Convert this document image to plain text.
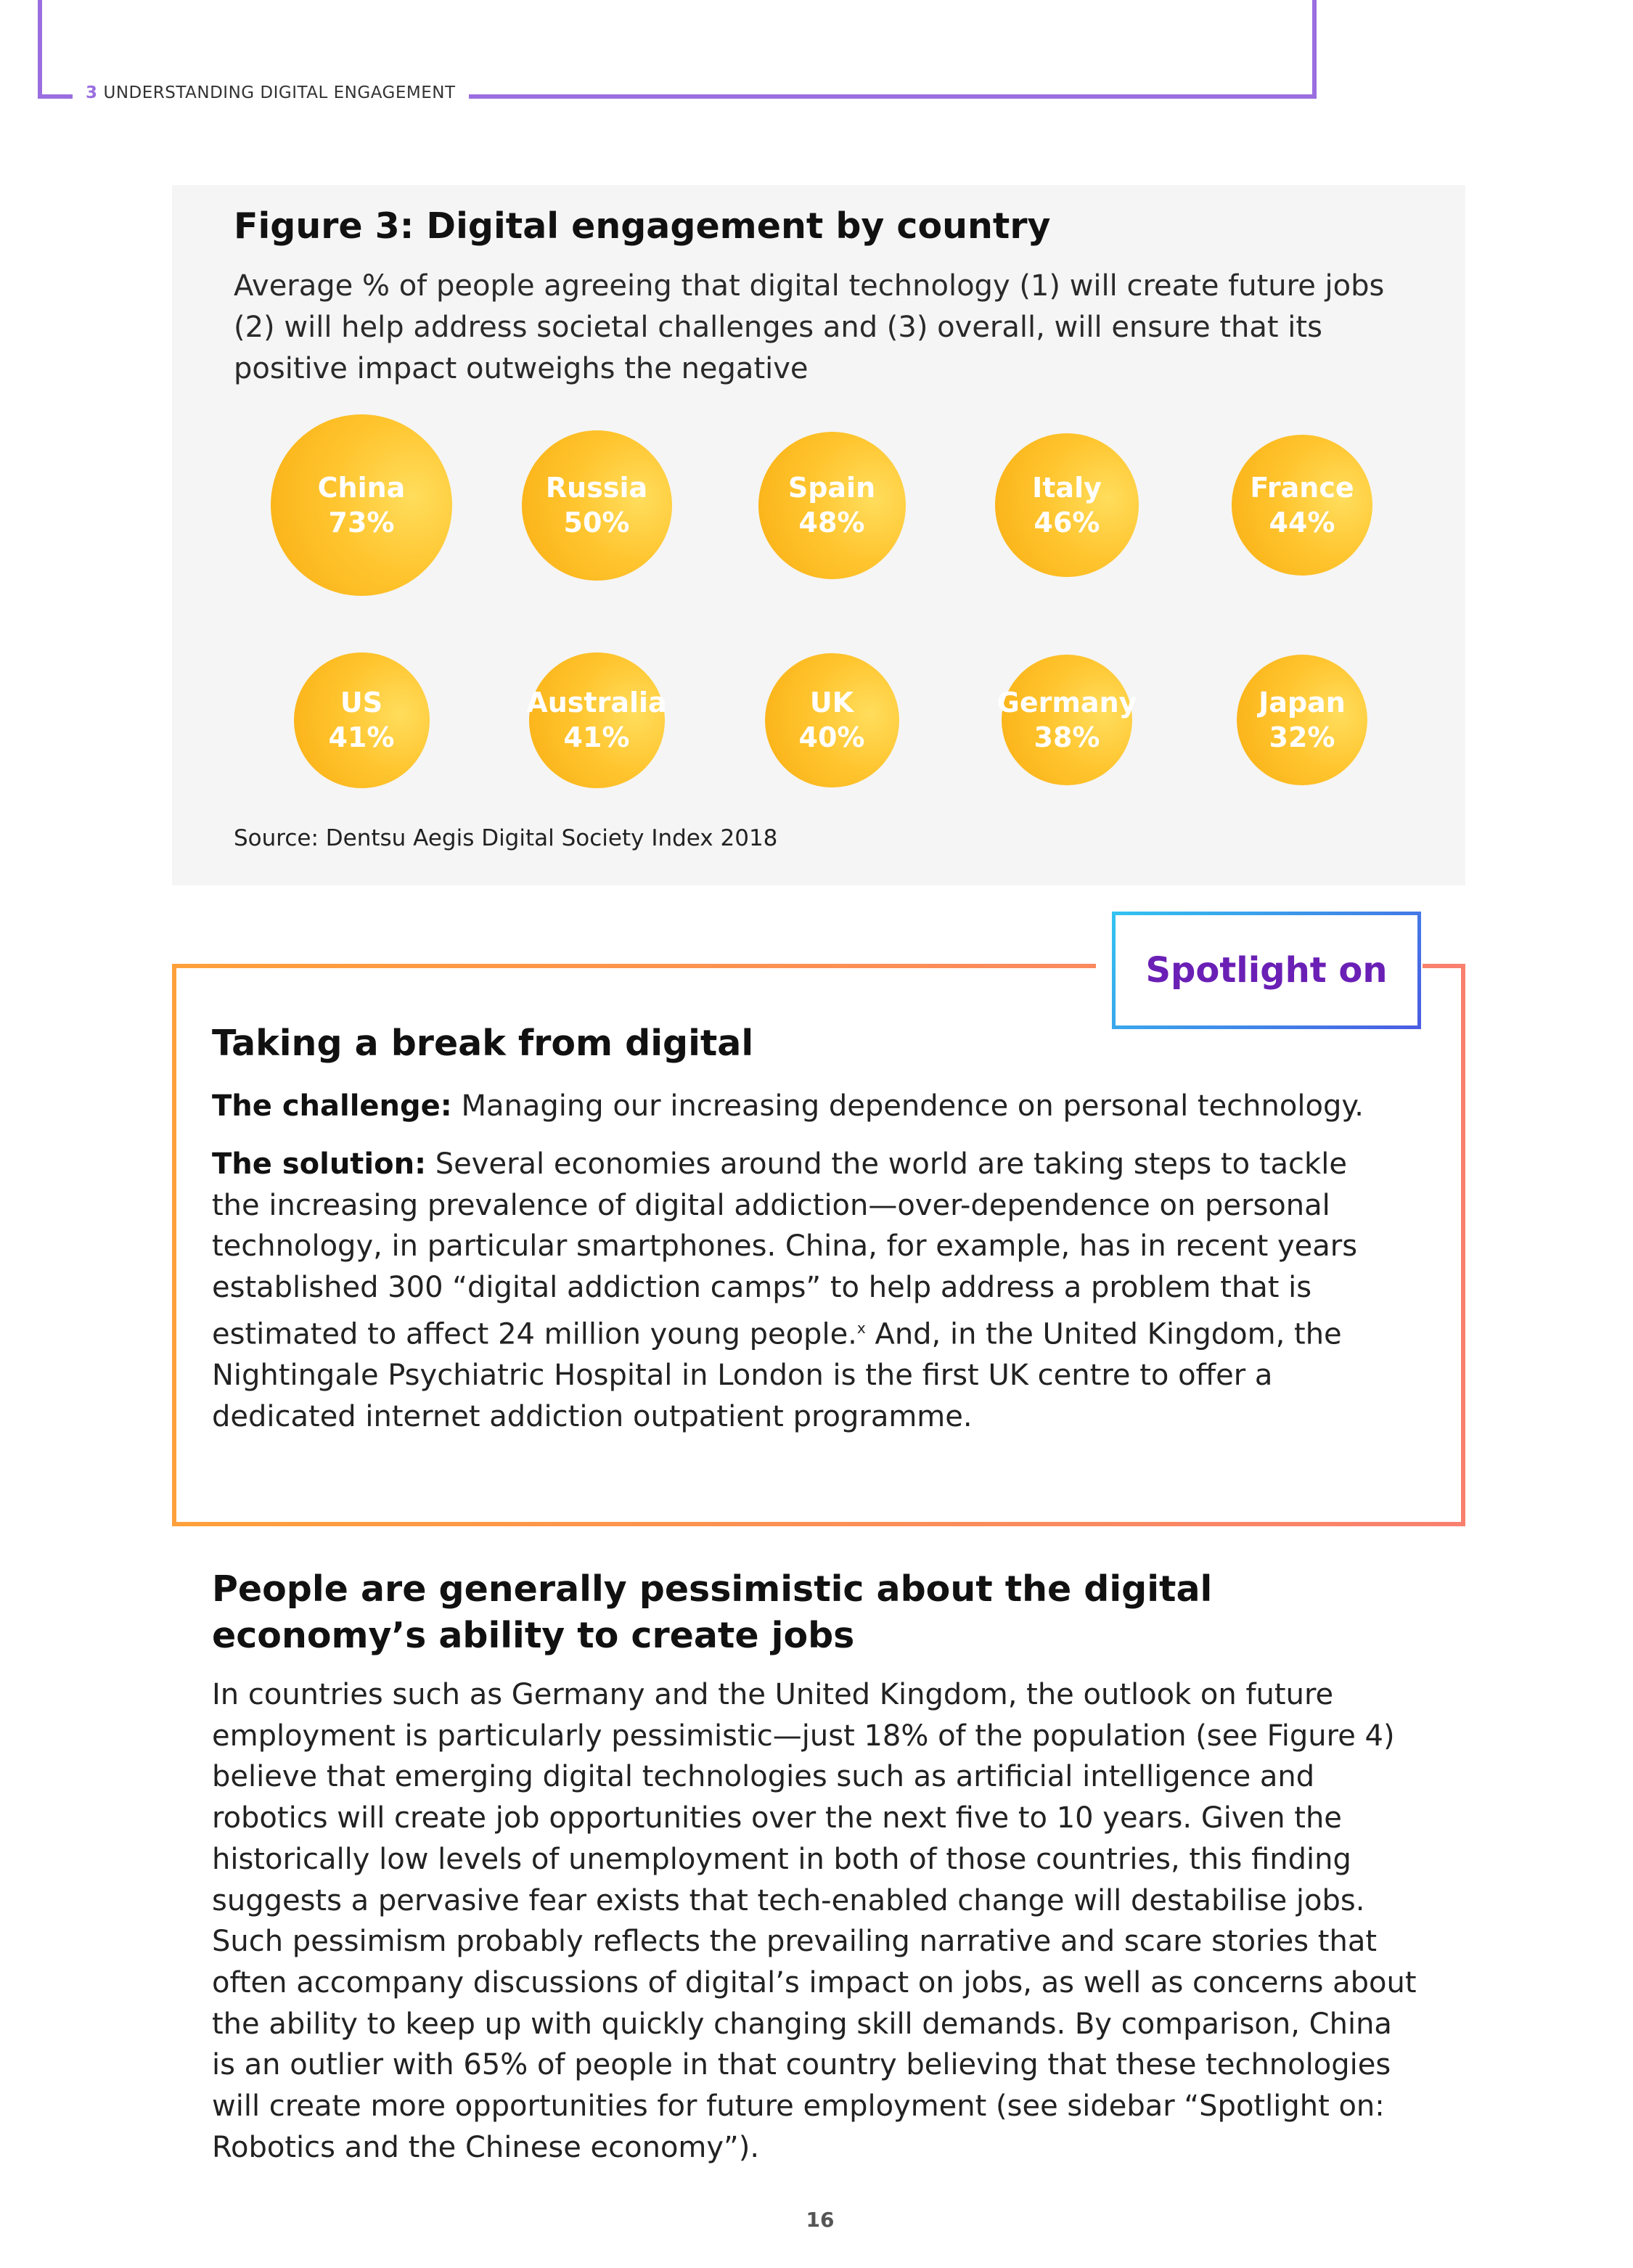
3 UNDERSTANDING DIGITAL ENGAGEMENT
Figure 3: Digital engagement by country
Average % of people agreeing that digital technology (1) will create future jobs (2) will help address societal challenges and (3) overall, will ensure that its positive impact outweighs the negative
China
73%
Russia
50%
Spain
48%
Italy
46%
France
44%
US
41%
Australia
41%
UK
40%
Germany
38%
Japan
32%
Source: Dentsu Aegis Digital Society Index 2018
Spotlight on
Taking a break from digital
The challenge: Managing our increasing dependence on personal technology.
The solution: Several economies around the world are taking steps to tackle the increasing prevalence of digital addiction—over-dependence on personal technology, in particular smartphones. China, for example, has in recent years established 300 “digital addiction camps” to help address a problem that is estimated to affect 24 million young people.$^x$ And, in the United Kingdom, the Nightingale Psychiatric Hospital in London is the first UK centre to offer a dedicated internet addiction outpatient programme.
People are generally pessimistic about the digital economy’s ability to create jobs
In countries such as Germany and the United Kingdom, the outlook on future employment is particularly pessimistic—just 18% of the population (see Figure 4) believe that emerging digital technologies such as artificial intelligence and robotics will create job opportunities over the next five to 10 years. Given the historically low levels of unemployment in both of those countries, this finding suggests a pervasive fear exists that tech-enabled change will destabilise jobs. Such pessimism probably reflects the prevailing narrative and scare stories that often accompany discussions of digital’s impact on jobs, as well as concerns about the ability to keep up with quickly changing skill demands. By comparison, China is an outlier with 65% of people in that country believing that these technologies will create more opportunities for future employment (see sidebar “Spotlight on: Robotics and the Chinese economy”).
16
